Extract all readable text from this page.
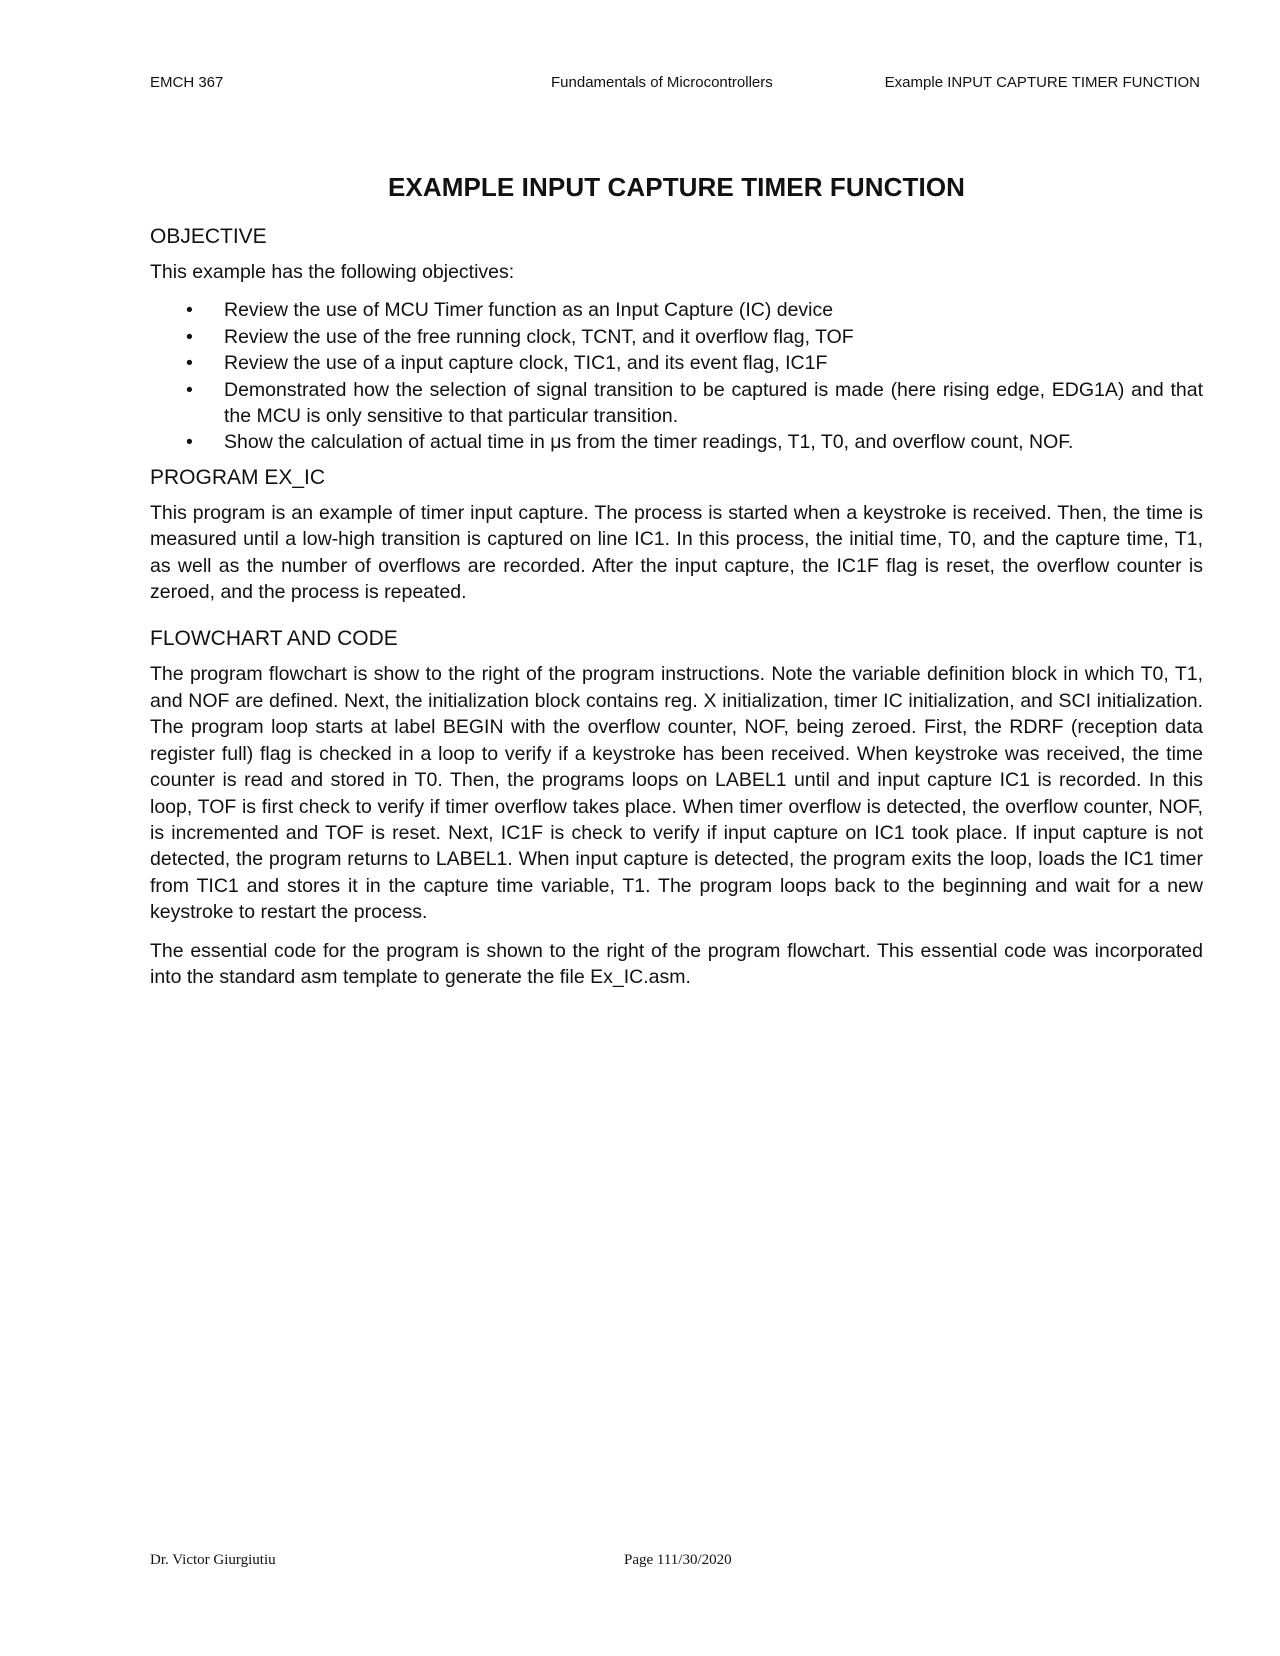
EMCH 367	Fundamentals of Microcontrollers	Example INPUT CAPTURE TIMER FUNCTION
EXAMPLE INPUT CAPTURE TIMER FUNCTION
OBJECTIVE

This example has the following objectives:

• Review the use of MCU Timer function as an Input Capture (IC) device
• Review the use of the free running clock, TCNT, and it overflow flag, TOF
• Review the use of a input capture clock, TIC1, and its event flag, IC1F
• Demonstrated how the selection of signal transition to be captured is made (here rising edge, EDG1A) and that the MCU is only sensitive to that particular transition.
• Show the calculation of actual time in μs from the timer readings, T1, T0, and overflow count, NOF.
PROGRAM EX_IC

This program is an example of timer input capture. The process is started when a keystroke is received. Then, the time is measured until a low-high transition is captured on line IC1. In this process, the initial time, T0, and the capture time, T1, as well as the number of overflows are recorded. After the input capture, the IC1F flag is reset, the overflow counter is zeroed, and the process is repeated.

FLOWCHART AND CODE

The program flowchart is show to the right of the program instructions. Note the variable definition block in which T0, T1, and NOF are defined. Next, the initialization block contains reg. X initialization, timer IC initialization, and SCI initialization. The program loop starts at label BEGIN with the overflow counter, NOF, being zeroed. First, the RDRF (reception data register full) flag is checked in a loop to verify if a keystroke has been received. When keystroke was received, the time counter is read and stored in T0. Then, the programs loops on LABEL1 until and input capture IC1 is recorded. In this loop, TOF is first check to verify if timer overflow takes place. When timer overflow is detected, the overflow counter, NOF, is incremented and TOF is reset. Next, IC1F is check to verify if input capture on IC1 took place. If input capture is not detected, the program returns to LABEL1. When input capture is detected, the program exits the loop, loads the IC1 timer from TIC1 and stores it in the capture time variable, T1. The program loops back to the beginning and wait for a new keystroke to restart the process.

The essential code for the program is shown to the right of the program flowchart. This essential code was incorporated into the standard asm template to generate the file Ex_IC.asm.

Dr. Victor Giurgiutiu	Page 111/30/2020
